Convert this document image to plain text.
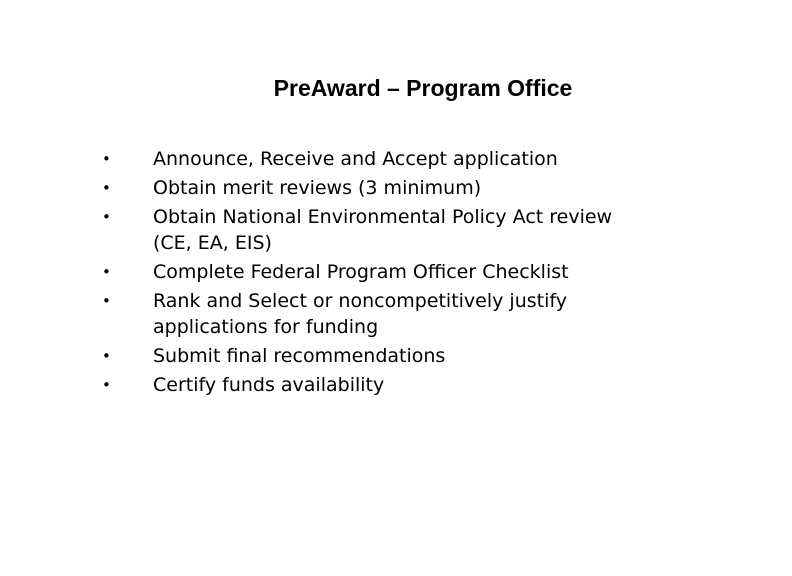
PreAward – Program Office
•	Announce, Receive and Accept application
•	Obtain merit reviews (3 minimum)
•	Obtain National Environmental Policy Act review
(CE, EA, EIS)
•	Complete Federal Program Officer Checklist
•	Rank and Select or noncompetitively justify
applications for funding
•	Submit final recommendations
•	Certify funds availability
